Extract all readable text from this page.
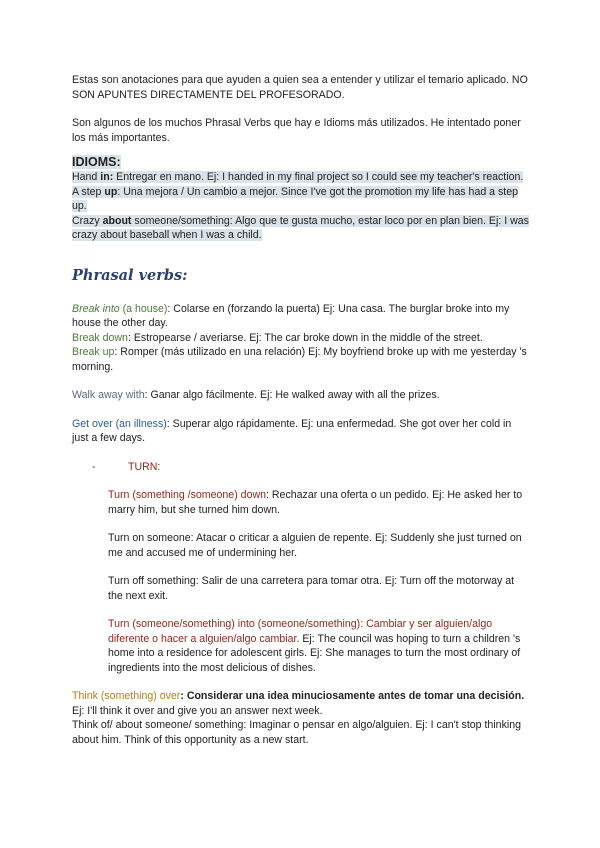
Estas son anotaciones para que ayuden a quien sea a entender y utilizar el temario aplicado. NO SON APUNTES DIRECTAMENTE DEL PROFESORADO.

Son algunos de los muchos Phrasal Verbs que hay e Idioms más utilizados. He intentado poner los más importantes.

IDIOMS:

Hand in: Entregar en mano. Ej: I handed in my final project so I could see my teacher's reaction.

A step up: Una mejora / Un cambio a mejor. Since I've got the promotion my life has had a step up.

Crazy about someone/something: Algo que te gusta mucho, estar loco por en plan bien. Ej: I was crazy about baseball when I was a child.

Phrasal verbs:

Break into (a house): Colarse en (forzando la puerta) Ej: Una casa. The burglar broke into my house the other day.

Break down: Estropearse / averiarse. Ej: The car broke down in the middle of the street.

Break up: Romper (más utilizado en una relación) Ej: My boyfriend broke up with me yesterday 's morning.

Walk away with: Ganar algo fácilmente. Ej: He walked away with all the prizes.

Get over (an illness): Superar algo rápidamente. Ej: una enfermedad. She got over her cold in just a few days.

-	TURN:

Turn (something /someone) down: Rechazar una oferta o un pedido. Ej: He asked her to marry him, but she turned him down.

Turn on someone: Atacar o criticar a alguien de repente. Ej: Suddenly she just turned on me and accused me of undermining her.

Turn off something: Salir de una carretera para tomar otra. Ej: Turn off the motorway at the next exit.

Turn (someone/something) into (someone/something): Cambiar y ser alguien/algo diferente o hacer a alguien/algo cambiar. Ej: The council was hoping to turn a children 's home into a residence for adolescent girls. Ej: She manages to turn the most ordinary of ingredients into the most delicious of dishes.

Think (something) over: Considerar una idea minuciosamente antes de tomar una decisión. Ej: I'll think it over and give you an answer next week.

Think of/ about someone/ something: Imaginar o pensar en algo/alguien. Ej: I can't stop thinking about him. Think of this opportunity as a new start.
